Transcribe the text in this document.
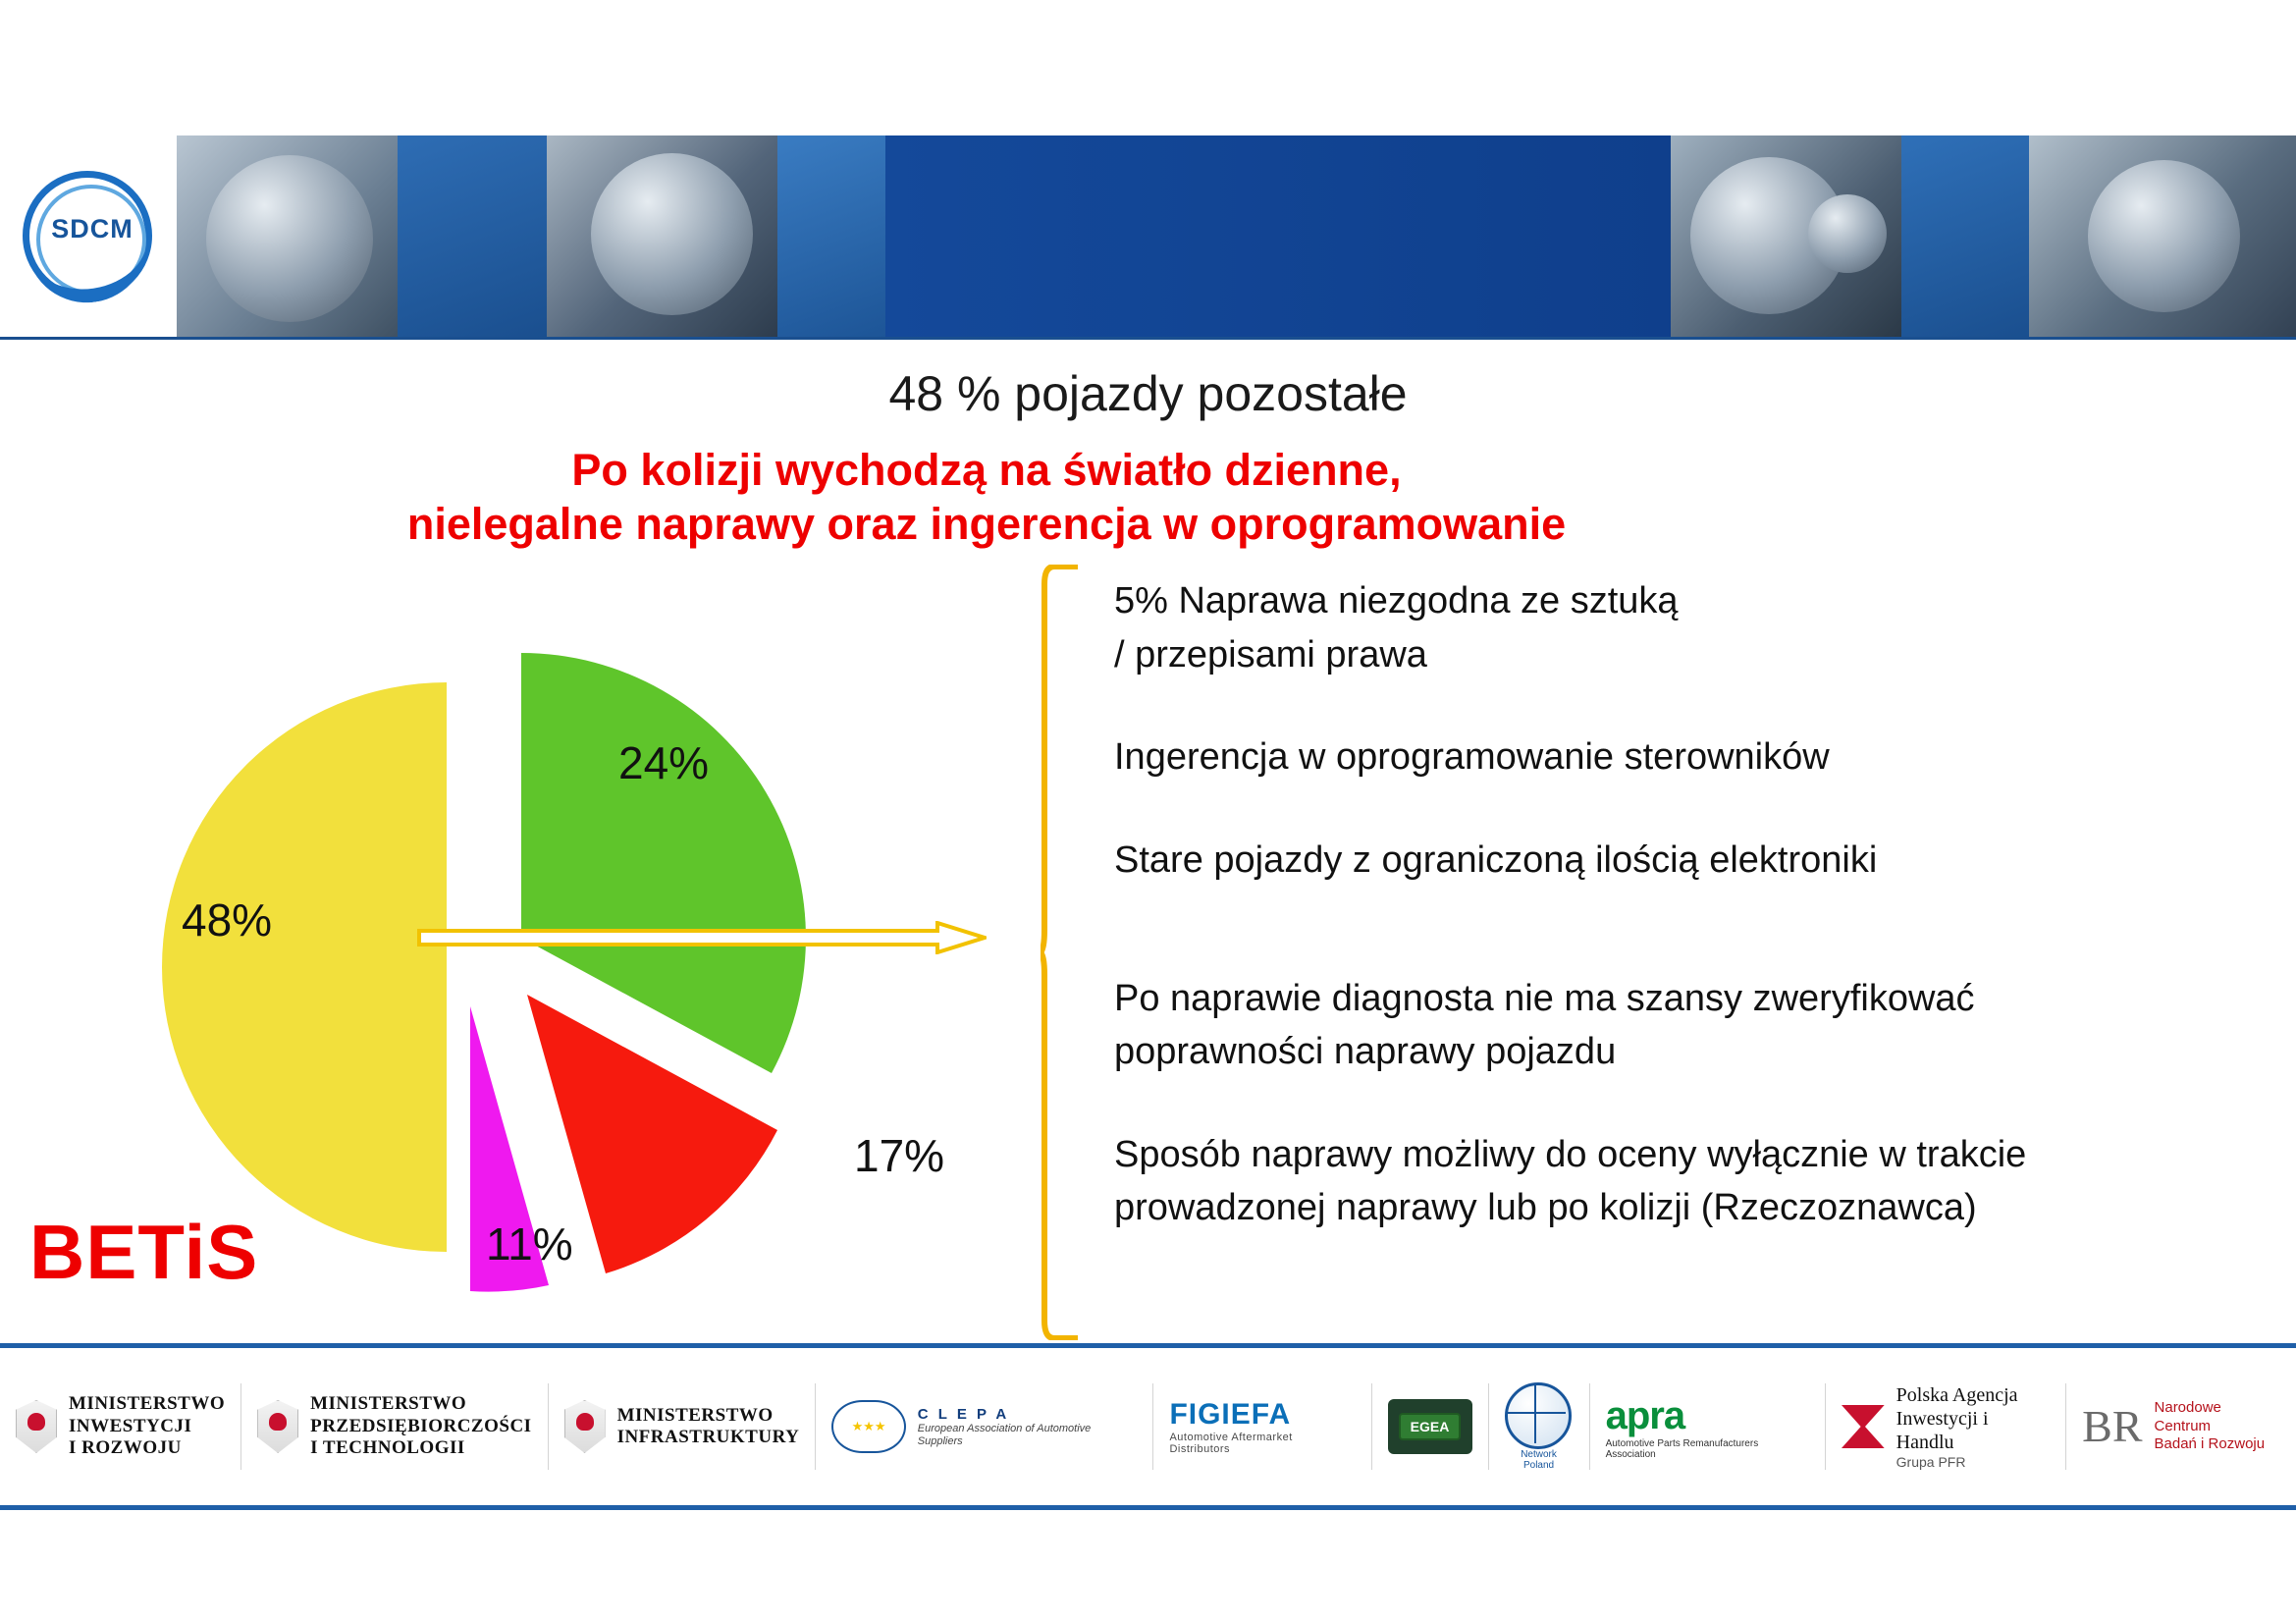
SDCM
48 % pojazdy pozostałe
Po kolizji wychodzą na światło dzienne,
nielegalne naprawy oraz ingerencja w oprogramowanie
48%
24%
11%
17%

5% Naprawa niezgodna ze sztuką

/ przepisami prawa

Ingerencja w oprogramowanie sterowników

Stare pojazdy z ograniczoną ilością elektroniki

Po naprawie diagnosta nie ma szansy zweryfikować

poprawności naprawy pojazdu

Sposób naprawy możliwy do oceny wyłącznie w trakcie

prowadzonej naprawy lub po kolizji (Rzeczoznawca)

BETiS
MINISTERSTWO
INWESTYCJI
I ROZWOJU
MINISTERSTWO
PRZEDSIĘBIORCZOŚCI
I TECHNOLOGII
MINISTERSTWO
INFRASTRUKTURY
★★★
C L E P A
European Association of Automotive Suppliers
FIGIEFA
Automotive Aftermarket Distributors
EGEA
Network Poland
apra
Automotive Parts Remanufacturers Association
Polska Agencja
Inwestycji i Handlu
Grupa PFR
BR Narodowe Centrum
Badań i Rozwoju
